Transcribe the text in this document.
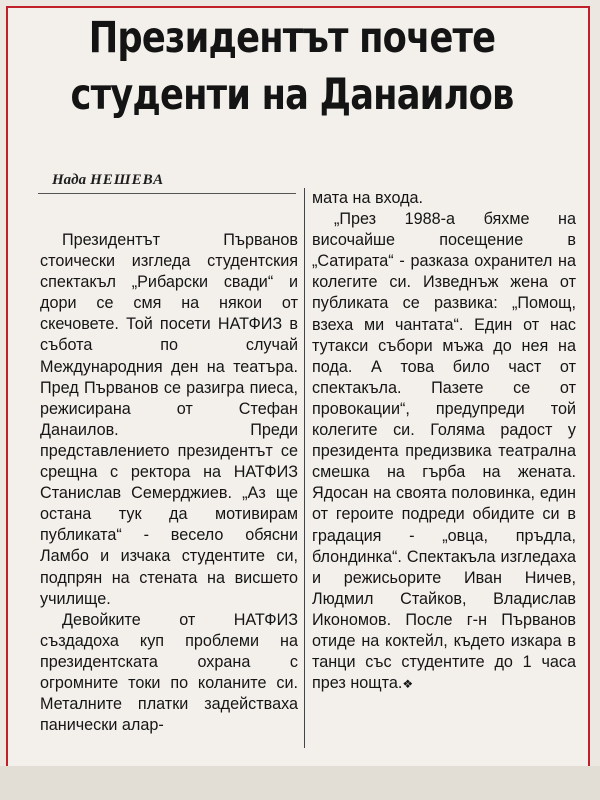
Президентът почете
студенти на Данаилов
Нада НЕШЕВА

Президентът Първанов стоически изгледа студентския спектакъл „Рибарски свади“ и дори се смя на някои от скечовете. Той посети НАТФИЗ в събота по случай Международния ден на театъра. Пред Първанов се разигра пиеса, режисирана от Стефан Данаилов. Преди представлението президентът се срещна с ректора на НАТФИЗ Станислав Семерджиев. „Аз ще остана тук да мотивирам публиката“ - весело обясни Ламбо и изчака студентите си, подпрян на стената на висшето училище.

Девойките от НАТФИЗ създадоха куп проблеми на президентската охрана с огромните токи по коланите си. Металните платки задействаха панически алар-

мата на входа.

„През 1988-а бяхме на височайше посещение в „Сатирата“ - разказа охранител на колегите си. Изведнъж жена от публиката се развика: „Помощ, взеха ми чантата“. Един от нас тутакси събори мъжа до нея на пода. А това било част от спектакъла. Пазете се от провокации“, предупреди той колегите си. Голяма радост у президента предизвика театрална смешка на гърба на жената. Ядосан на своята половинка, един от героите подреди обидите си в градация - „овца, пръдла, блондинка“. Спектакъла изгледаха и режисьорите Иван Ничев, Людмил Стайков, Владислав Икономов. После г-н Първанов отиде на коктейл, където изкара в танци със студентите до 1 часа през нощта.❖
